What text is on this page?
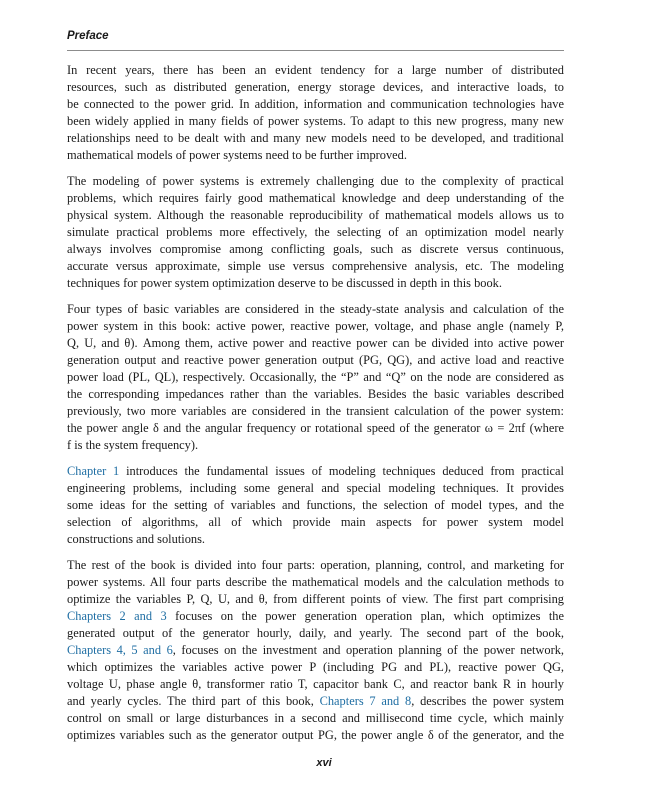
Preface

In recent years, there has been an evident tendency for a large number of distributed
resources, such as distributed generation, energy storage devices, and interactive loads, to
be connected to the power grid. In addition, information and communication technologies have
been widely applied in many fields of power systems. To adapt to this new progress, many new
relationships need to be dealt with and many new models need to be developed, and traditional
mathematical models of power systems need to be further improved.

The modeling of power systems is extremely challenging due to the complexity of practical
problems, which requires fairly good mathematical knowledge and deep understanding of the
physical system. Although the reasonable reproducibility of mathematical models allows us to
simulate practical problems more effectively, the selecting of an optimization model nearly
always involves compromise among conflicting goals, such as discrete versus continuous,
accurate versus approximate, simple use versus comprehensive analysis, etc. The modeling
techniques for power system optimization deserve to be discussed in depth in this book.

Four types of basic variables are considered in the steady-state analysis and calculation of the
power system in this book: active power, reactive power, voltage, and phase angle (namely P,
Q, U, and θ). Among them, active power and reactive power can be divided into active power
generation output and reactive power generation output (PG, QG), and active load and reactive
power load (PL, QL), respectively. Occasionally, the “P” and “Q” on the node are considered as
the corresponding impedances rather than the variables. Besides the basic variables described
previously, two more variables are considered in the transient calculation of the power system:
the power angle δ and the angular frequency or rotational speed of the generator ω = 2πf (where
f is the system frequency).

Chapter 1 introduces the fundamental issues of modeling techniques deduced from practical
engineering problems, including some general and special modeling techniques. It provides
some ideas for the setting of variables and functions, the selection of model types, and the
selection of algorithms, all of which provide main aspects for power system model
constructions and solutions.

The rest of the book is divided into four parts: operation, planning, control, and marketing for
power systems. All four parts describe the mathematical models and the calculation methods to
optimize the variables P, Q, U, and θ, from different points of view. The first part comprising
Chapters 2 and 3 focuses on the power generation operation plan, which optimizes the
generated output of the generator hourly, daily, and yearly. The second part of the book,
Chapters 4, 5 and 6, focuses on the investment and operation planning of the power network,
which optimizes the variables active power P (including PG and PL), reactive power QG,
voltage U, phase angle θ, transformer ratio T, capacitor bank C, and reactor bank R in hourly
and yearly cycles. The third part of this book, Chapters 7 and 8, describes the power system
control on small or large disturbances in a second and millisecond time cycle, which mainly
optimizes variables such as the generator output PG, the power angle δ of the generator, and the

xvi
